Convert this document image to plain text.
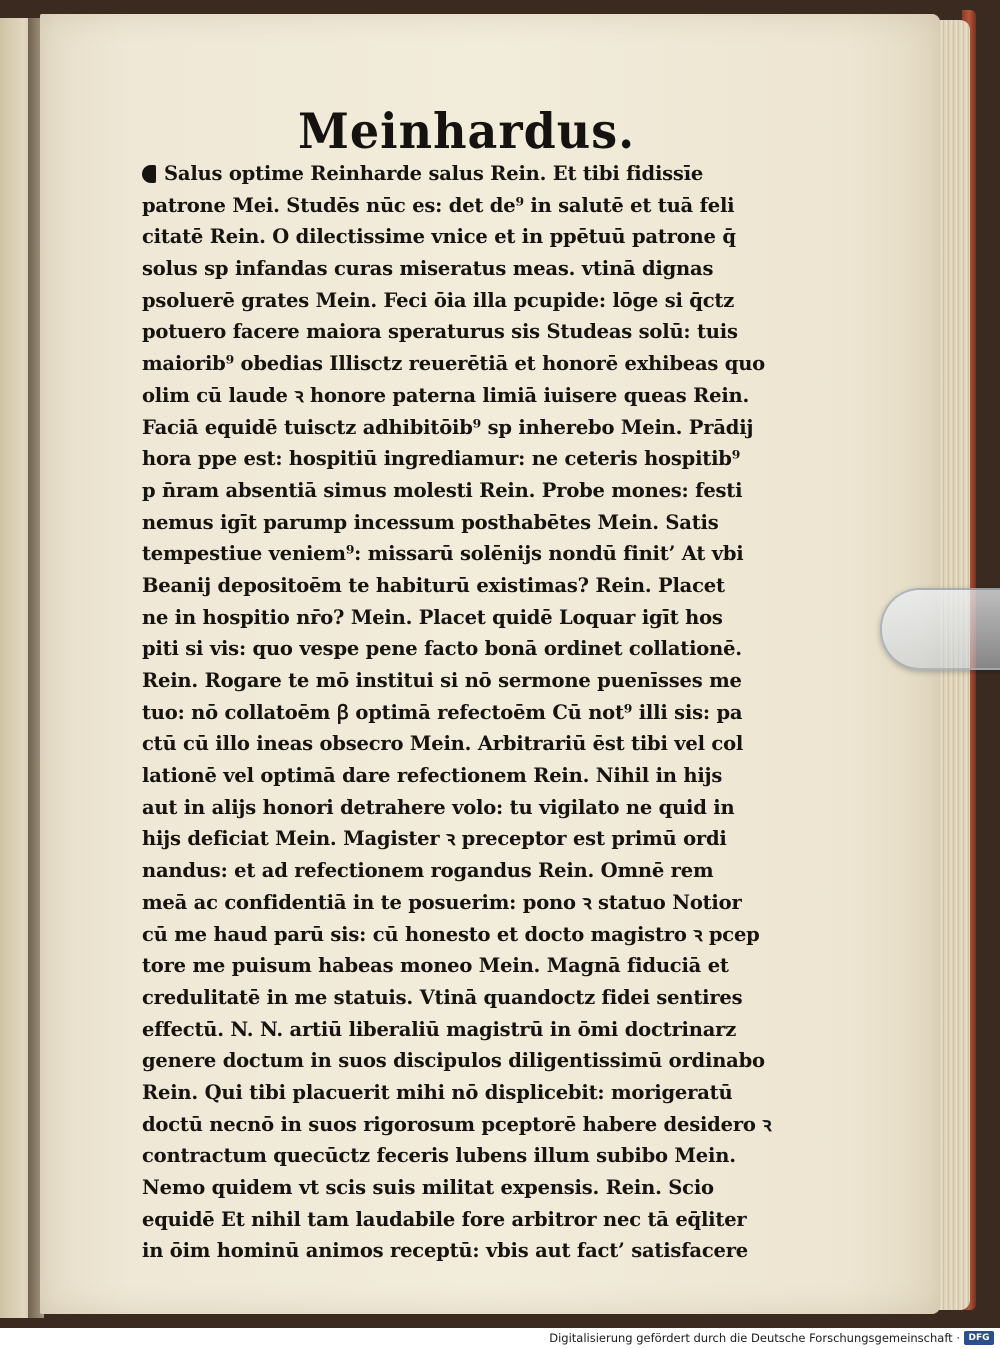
Meinhardus.
Salus optime Reinharde salus Rein. Et tibi fidissīe
patrone Mei. Studēs nūc es: det de⁹ in salutē et tuā feli
citatē Rein. O dilectissime vnice et in ppētuū patrone q̄
solus sp infandas curas miseratus meas. vtinā dignas
psoluerē grates Mein. Feci ōia illa pcupide: lōge si q̄̄ctz
potuero facere maiora speraturus sis Studeas solū: tuis
maiorib⁹ obedias Illisctz reuerētiā et honorē exhibeas quo
olim cū laude ꝛ honore paterna limiā iuisere queas Rein.
Faciā equidē tuisctz adhibitōib⁹ sp inherebo Mein. Prādij
hora ppe est: hospitiū ingrediamur: ne ceteris hospitib⁹
p n̄ram absentiā simus molesti Rein. Probe mones: festi
nemus igīt parump incessum posthabētes Mein. Satis
tempestiue veniem⁹: missarū solēnijs nondū finit’ At vbi
Beanij depositoēm te habiturū existimas? Rein. Placet
ne in hospitio nr̄o? Mein. Placet quidē Loquar igīt hos
piti si vis: quo vespe pene facto bonā ordinet collationē.
Rein. Rogare te mō institui si nō sermone puenīsses me
tuo: nō collatoēm ꞵ optimā refectoēm Cū not⁹ illi sis: pa
ctū cū illo ineas obsecro Mein. Arbitrariū ēst tibi vel col
lationē vel optimā dare refectionem Rein. Nihil in hijs
aut in alijs honori detrahere volo: tu vigilato ne quid in
hijs deficiat Mein. Magister ꝛ preceptor est primū ordi
nandus: et ad refectionem rogandus Rein. Omnē rem
meā ac confidentiā in te posuerim: pono ꝛ statuo Notior
cū me haud parū sis: cū honesto et docto magistro ꝛ pcep
tore me puisum habeas moneo Mein. Magnā fiduciā et
credulitatē in me statuis. Vtinā quandoctz fidei sentires
effectū. N. N. artiū liberaliū magistrū in ōmi doctrinarz
genere doctum in suos discipulos diligentissimū ordinabo
Rein. Qui tibi placuerit mihi nō displicebit: morigeratū
doctū necnō in suos rigorosum pceptorē habere desidero ꝛ
contractum quecūctz feceris lubens illum subibo Mein.
Nemo quidem vt scis suis militat expensis. Rein. Scio
equidē Et nihil tam laudabile fore arbitror nec tā eq̄liter
in ōim hominū animos receptū: vbis aut fact’ satisfacere
Digitalisierung gefördert durch die Deutsche Forschungsgemeinschaft · DFG
